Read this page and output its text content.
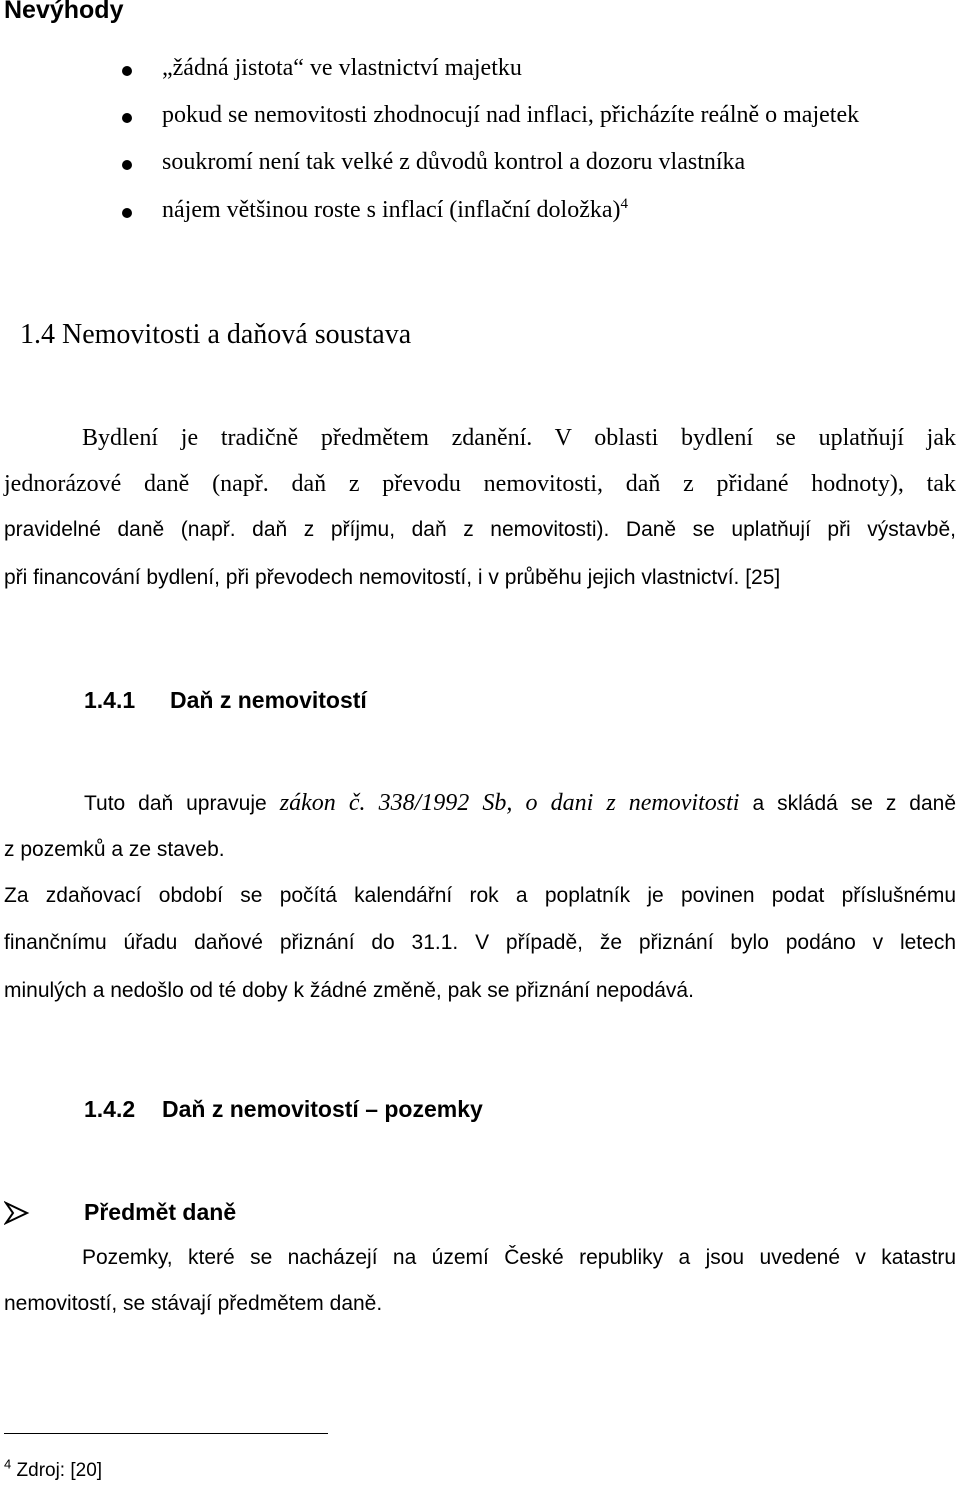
Nevýhody
„žádná jistota“ ve vlastnictví majetku
pokud se nemovitosti zhodnocují nad inflaci, přicházíte reálně o majetek
soukromí není tak velké z důvodů kontrol a dozoru vlastníka
nájem většinou roste s inflací (inflační doložka)$^4$
1.4 Nemovitosti a daňová soustava
Bydlení je tradičně předmětem zdanění. V oblasti bydlení se uplatňují jak
jednorázové daně (např. daň z převodu nemovitosti, daň z přidané hodnoty), tak
pravidelné daně (např. daň z příjmu, daň z nemovitosti). Daně se uplatňují při výstavbě,
při financování bydlení, při převodech nemovitostí, i v průběhu jejich vlastnictví. [25]
1.4.1 Daň z nemovitostí
Tuto daň upravuje zákon č. 338/1992 Sb, o dani z nemovitosti a skládá se z daně
z pozemků a ze staveb.
Za zdaňovací období se počítá kalendářní rok a poplatník je povinen podat příslušnému
finančnímu úřadu daňové přiznání do 31.1. V případě, že přiznání bylo podáno v letech
minulých a nedošlo od té doby k žádné změně, pak se přiznání nepodává.
1.4.2 Daň z nemovitostí – pozemky
Předmět daně
Pozemky, které se nacházejí na území České republiky a jsou uvedené v katastru
nemovitostí, se stávají předmětem daně.
$^4$ Zdroj: [20]
